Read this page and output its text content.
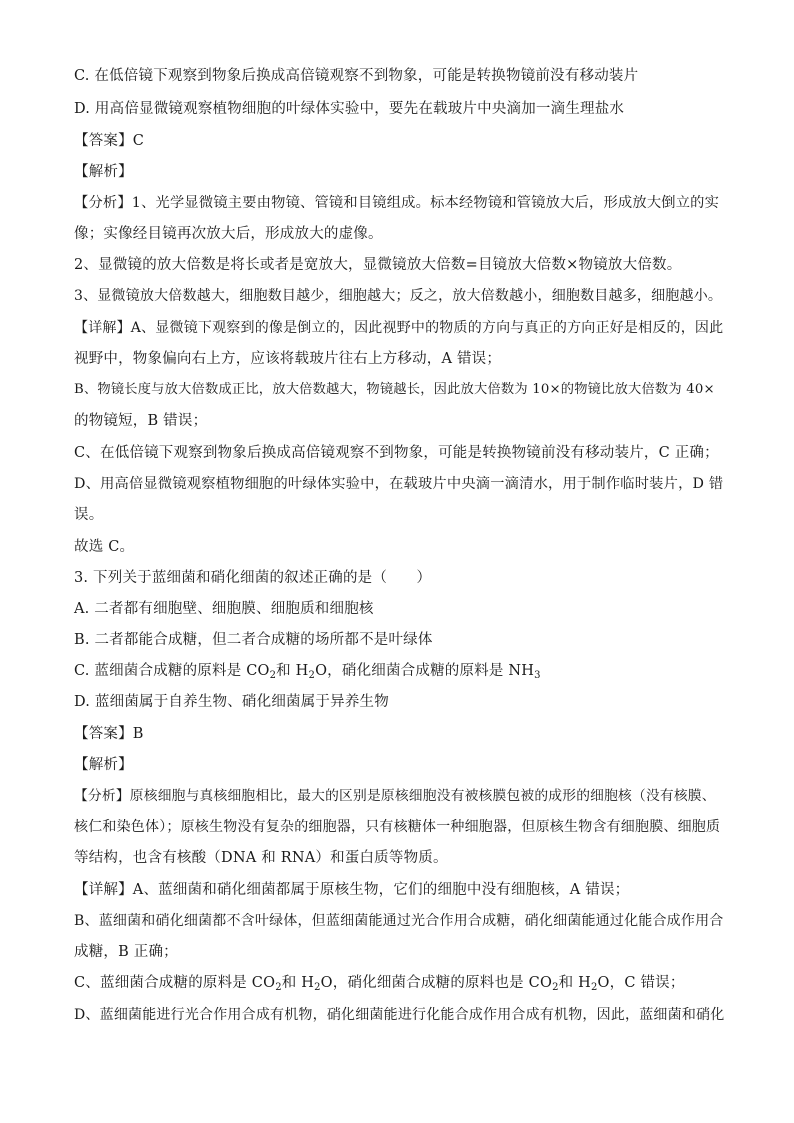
C. 在低倍镜下观察到物象后换成高倍镜观察不到物象，可能是转换物镜前没有移动装片
D. 用高倍显微镜观察植物细胞的叶绿体实验中，要先在载玻片中央滴加一滴生理盐水
【答案】C
【解析】
【分析】1、光学显微镜主要由物镜、管镜和目镜组成。标本经物镜和管镜放大后，形成放大倒立的实
像；实像经目镜再次放大后，形成放大的虚像。
2、显微镜的放大倍数是将长或者是宽放大，显微镜放大倍数=目镜放大倍数×物镜放大倍数。
3、显微镜放大倍数越大，细胞数目越少，细胞越大；反之，放大倍数越小，细胞数目越多，细胞越小。
【详解】A、显微镜下观察到的像是倒立的，因此视野中的物质的方向与真正的方向正好是相反的，因此
视野中，物象偏向右上方，应该将载玻片往右上方移动，A 错误；
B、物镜长度与放大倍数成正比，放大倍数越大，物镜越长，因此放大倍数为 10×的物镜比放大倍数为 40×
的物镜短，B 错误；
C、在低倍镜下观察到物象后换成高倍镜观察不到物象，可能是转换物镜前没有移动装片，C 正确；
D、用高倍显微镜观察植物细胞的叶绿体实验中，在载玻片中央滴一滴清水，用于制作临时装片，D 错
误。
故选 C。
3. 下列关于蓝细菌和硝化细菌的叙述正确的是（　　）
A. 二者都有细胞壁、细胞膜、细胞质和细胞核
B. 二者都能合成糖，但二者合成糖的场所都不是叶绿体
C. 蓝细菌合成糖的原料是 $CO_2$和 $H_2O$，硝化细菌合成糖的原料是 $NH_3$
D. 蓝细菌属于自养生物、硝化细菌属于异养生物
【答案】B
【解析】
【分析】原核细胞与真核细胞相比，最大的区别是原核细胞没有被核膜包被的成形的细胞核（没有核膜、
核仁和染色体）；原核生物没有复杂的细胞器，只有核糖体一种细胞器，但原核生物含有细胞膜、细胞质
等结构，也含有核酸（DNA 和 RNA）和蛋白质等物质。
【详解】A、蓝细菌和硝化细菌都属于原核生物，它们的细胞中没有细胞核，A 错误；
B、蓝细菌和硝化细菌都不含叶绿体，但蓝细菌能通过光合作用合成糖，硝化细菌能通过化能合成作用合
成糖，B 正确；
C、蓝细菌合成糖的原料是 $CO_2$和 $H_2O$，硝化细菌合成糖的原料也是 $CO_2$和 $H_2O$，C 错误；
D、蓝细菌能进行光合作用合成有机物，硝化细菌能进行化能合成作用合成有机物，因此，蓝细菌和硝化
